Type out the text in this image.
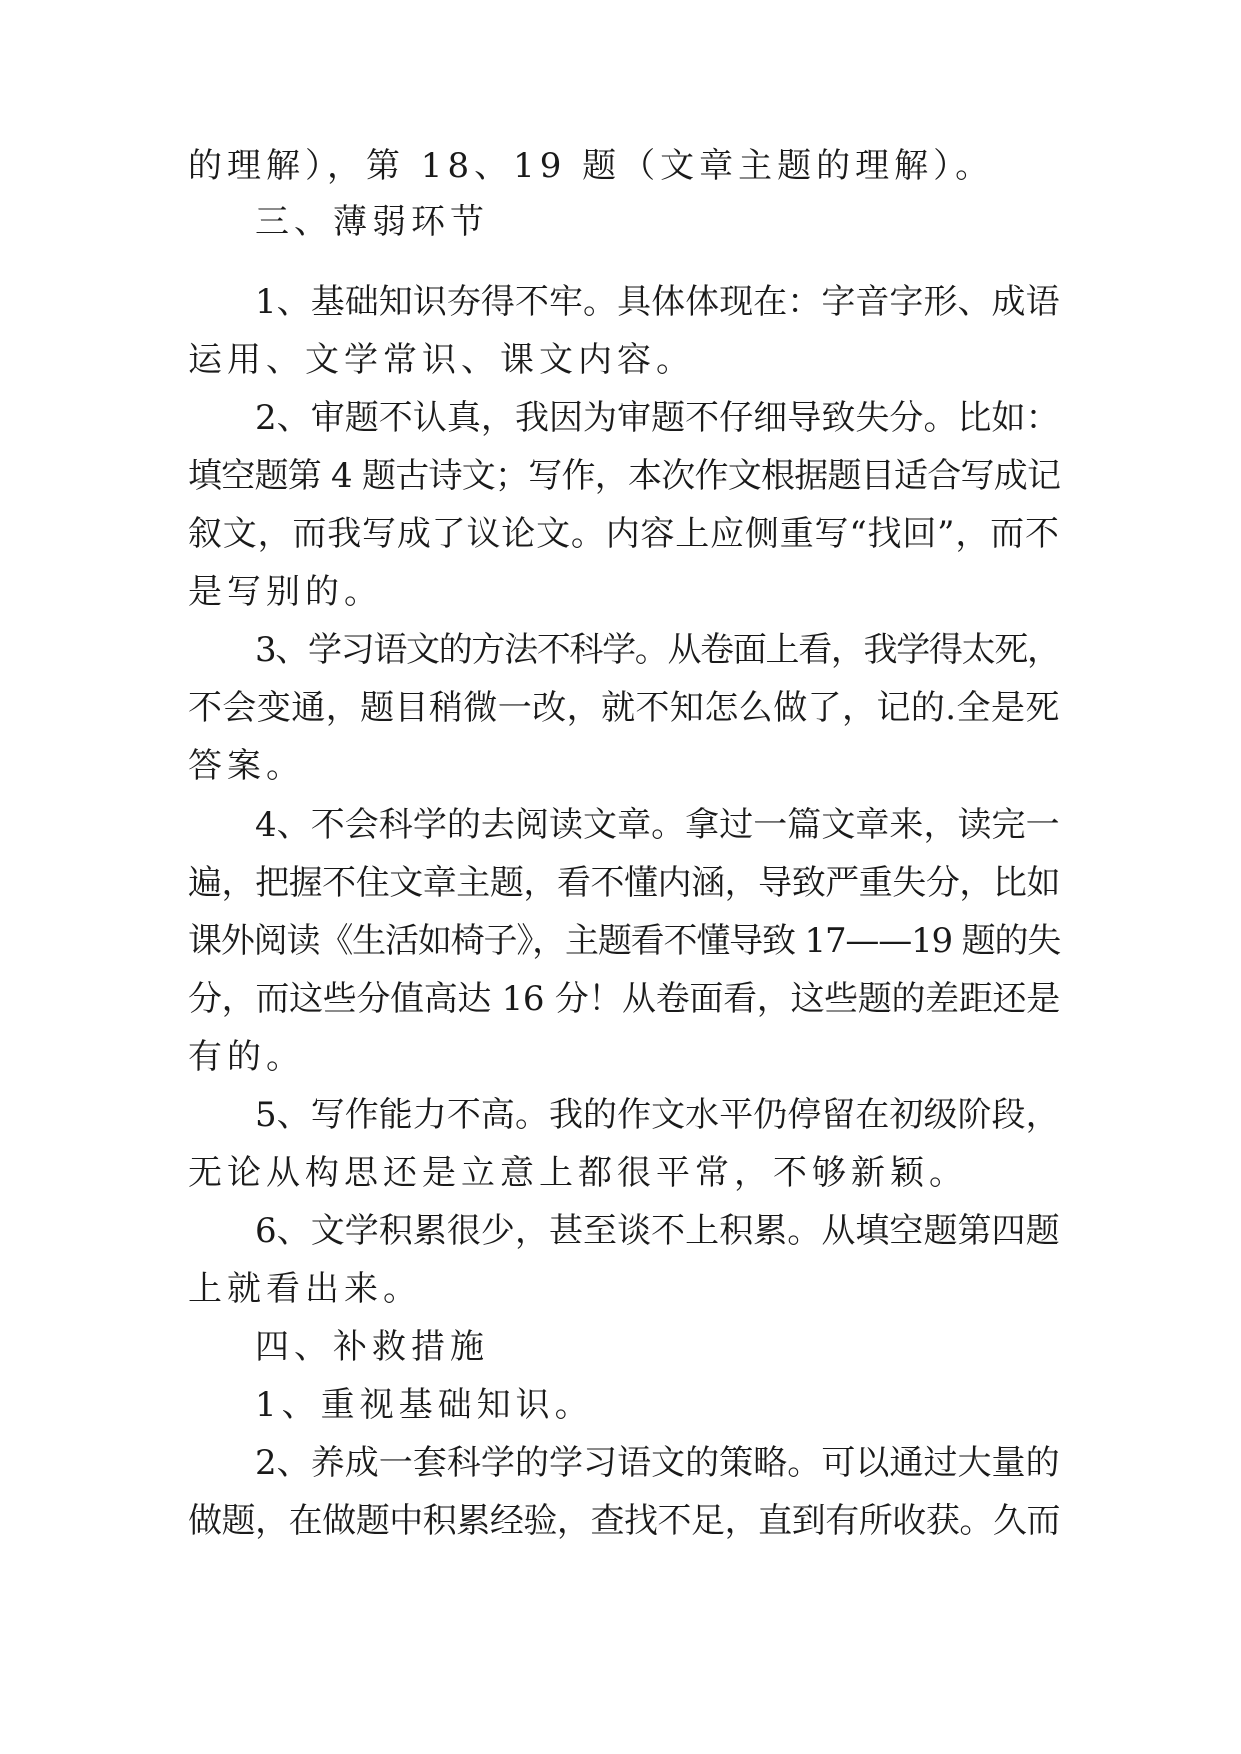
的理解），第 18、19 题（文章主题的理解）。
三、薄弱环节
1、基础知识夯得不牢。具体体现在：字音字形、成语
运用、文学常识、课文内容。
2、审题不认真，我因为审题不仔细导致失分。比如：
填空题第 4 题古诗文；写作，本次作文根据题目适合写成记
叙文，而我写成了议论文。内容上应侧重写“找回”，而不
是写别的。
3、学习语文的方法不科学。从卷面上看，我学得太死，
不会变通，题目稍微一改，就不知怎么做了，记的.全是死
答案。
4、不会科学的去阅读文章。拿过一篇文章来，读完一
遍，把握不住文章主题，看不懂内涵，导致严重失分，比如
课外阅读《生活如椅子》，主题看不懂导致 17——19 题的失
分，而这些分值高达 16 分！从卷面看，这些题的差距还是
有的。
5、写作能力不高。我的作文水平仍停留在初级阶段，
无论从构思还是立意上都很平常，不够新颖。
6、文学积累很少，甚至谈不上积累。从填空题第四题
上就看出来。
四、补救措施
1、重视基础知识。
2、养成一套科学的学习语文的策略。可以通过大量的
做题，在做题中积累经验，查找不足，直到有所收获。久而
